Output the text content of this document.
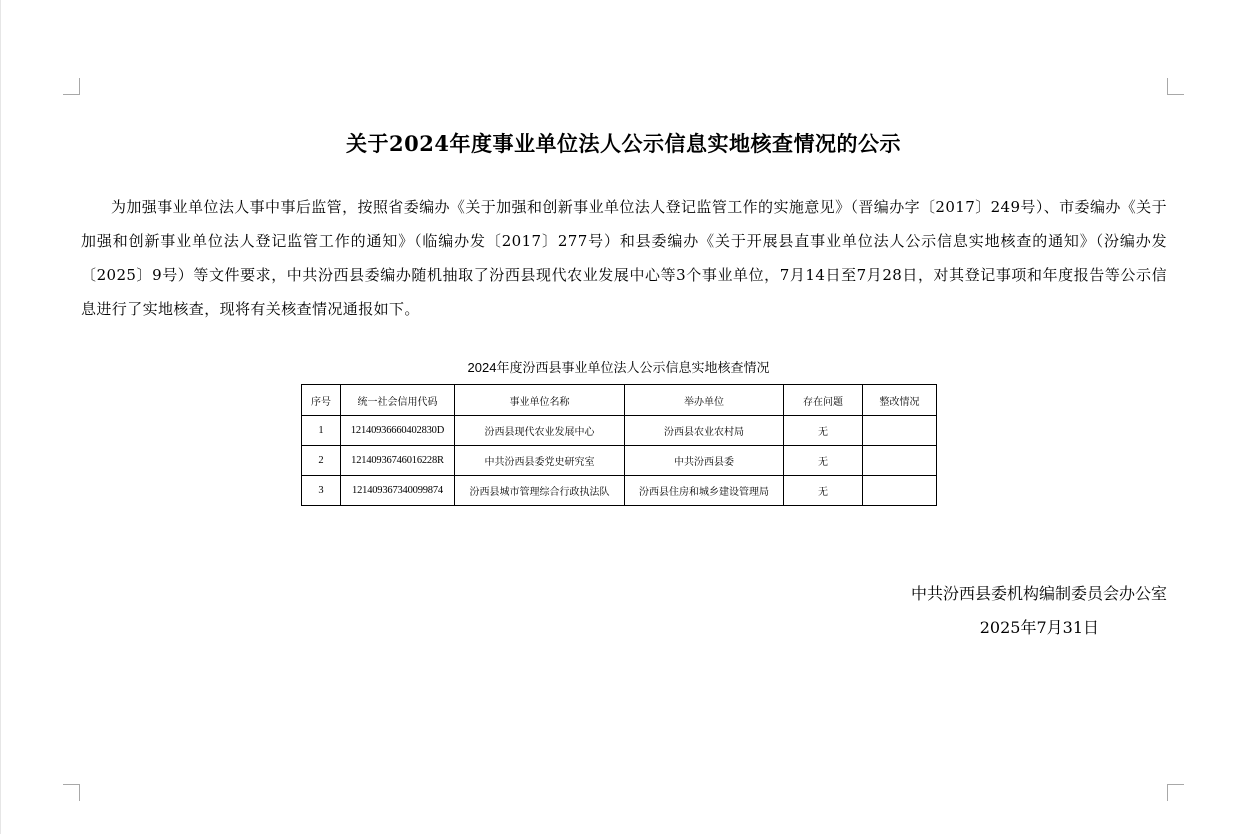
关于2024年度事业单位法人公示信息实地核查情况的公示
为加强事业单位法人事中事后监管，按照省委编办《关于加强和创新事业单位法人登记监管工作的实施意见》（晋编办字〔2017〕249号）、市委编办《关于加强和创新事业单位法人登记监管工作的通知》（临编办发〔2017〕277号）和县委编办《关于开展县直事业单位法人公示信息实地核查的通知》（汾编办发〔2025〕9号）等文件要求，中共汾西县委编办随机抽取了汾西县现代农业发展中心等3个事业单位，7月14日至7月28日，对其登记事项和年度报告等公示信息进行了实地核查，现将有关核查情况通报如下。
2024年度汾西县事业单位法人公示信息实地核查情况
序号	统一社会信用代码	事业单位名称	举办单位	存在问题	整改情况
1	12140936660402830D	汾西县现代农业发展中心	汾西县农业农村局	无	
2	12140936746016228R	中共汾西县委党史研究室	中共汾西县委	无	
3	121409367340099874	汾西县城市管理综合行政执法队	汾西县住房和城乡建设管理局	无	
中共汾西县委机构编制委员会办公室
2025年7月31日
